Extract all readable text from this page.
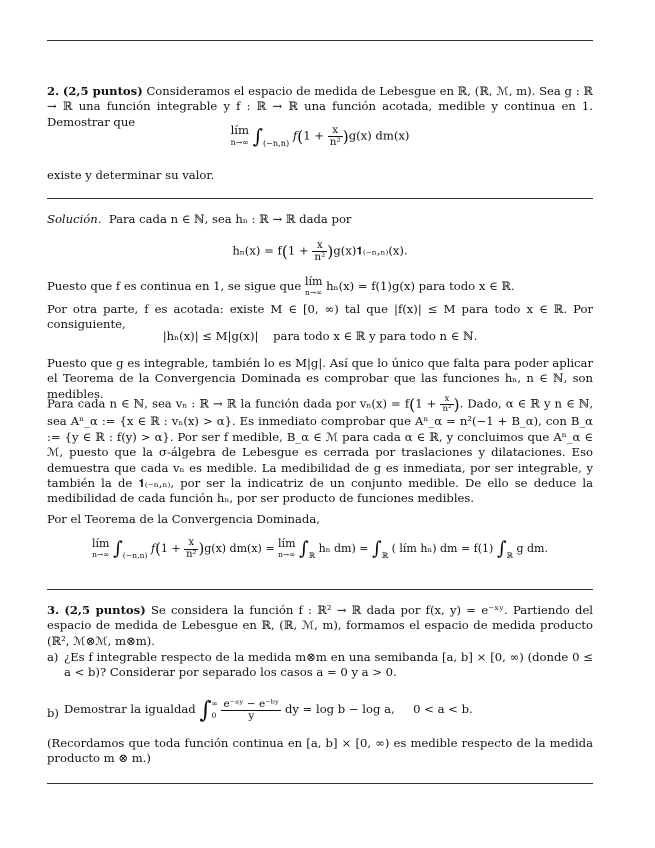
2. (2,5 puntos) Consideramos el espacio de medida de Lebesgue en ℝ, (ℝ, ℳ, m). Sea g : ℝ → ℝ una función integrable y f : ℝ → ℝ una función acotada, medible y continua en 1. Demostrar que

lím
n→∞ $\int_{(-n,n)}$ $f(1 + \frac{x}{\text{n²}} )g(x)$ dm(x)

existe y determinar su valor.

Solución. Para cada n ∈ ℕ, sea hₙ : ℝ → ℝ dada por

$h_n(x) = f(1 + \frac{x}{\text{n²}}$ )g(x)𝟏₍₋ₙ,ₙ₎(x).

Puesto que f es continua en 1, se sigue que lím
n→∞ hₙ(x) = f(1)g(x) para todo x ∈ ℝ.

Por otra parte, f es acotada: existe M ∈ [0, ∞) tal que |f(x)| ≤ M para todo x ∈ ℝ. Por consiguiente,

|hₙ(x)| ≤ M|g(x)|    para todo x ∈ ℝ y para todo n ∈ ℕ.

Puesto que g es integrable, también lo es M|g|. Así que lo único que falta para poder aplicar el Teorema de la Convergencia Dominada es comprobar que las funciones hₙ, n ∈ ℕ, son medibles.

Para cada n ∈ ℕ, sea vₙ : ℝ → ℝ la función dada por $v_n(x) = f(1 + \frac{x}{\text{n²}}$ ). Dado, α ∈ ℝ y n ∈ ℕ, sea Aⁿ_α := {x ∈ ℝ : vₙ(x) > α}. Es inmediato comprobar que Aⁿ_α = n²(−1 + B_α), con B_α := {y ∈ ℝ : f(y) > α}. Por ser f medible, B_α ∈ ℳ para cada α ∈ ℝ, y concluimos que Aⁿ_α ∈ ℳ, puesto que la σ-álgebra de Lebesgue es cerrada por traslaciones y dilataciones. Eso demuestra que cada vₙ es medible. La medibilidad de g es inmediata, por ser integrable, y también la de 𝟏₍₋ₙ,ₙ₎, por ser la indicatriz de un conjunto medible. De ello se deduce la medibilidad de cada función hₙ, por ser producto de funciones medibles.

Por el Teorema de la Convergencia Dominada,

lím
n→∞ $\int_{(-n,n)}$ $f(1 + \frac{x}{\text{n²}} )g(x)$ dm(x) = lím
n→∞ $\int_ℝ$ hₙ $dm) = \int_ℝ$ ( lím hₙ) dm = f(1) $\int_ℝ$ g dm.

3. (2,5 puntos) Se considera la función f : ℝ² → ℝ dada por f(x, y) = e⁻ˣʸ. Partiendo del espacio de medida de Lebesgue en ℝ, (ℝ, ℳ, m), formamos el espacio de medida producto (ℝ², ℳ⊗ℳ, m⊗m).

a) ¿Es f integrable respecto de la medida m⊗m en una semibanda [a, b] × [0, ∞) (donde 0 ≤ a < b)? Considerar por separado los casos a = 0 y a > 0.

b) Demostrar la igualdad ∫ ∞
0
$\frac{\text{e⁻ᵃʸ − e⁻ᵇʸ}}{y}$ dy = log b − log a,     0 < a < b.

(Recordamos que toda función continua en [a, b] × [0, ∞) es medible respecto de la medida producto m ⊗ m.)
